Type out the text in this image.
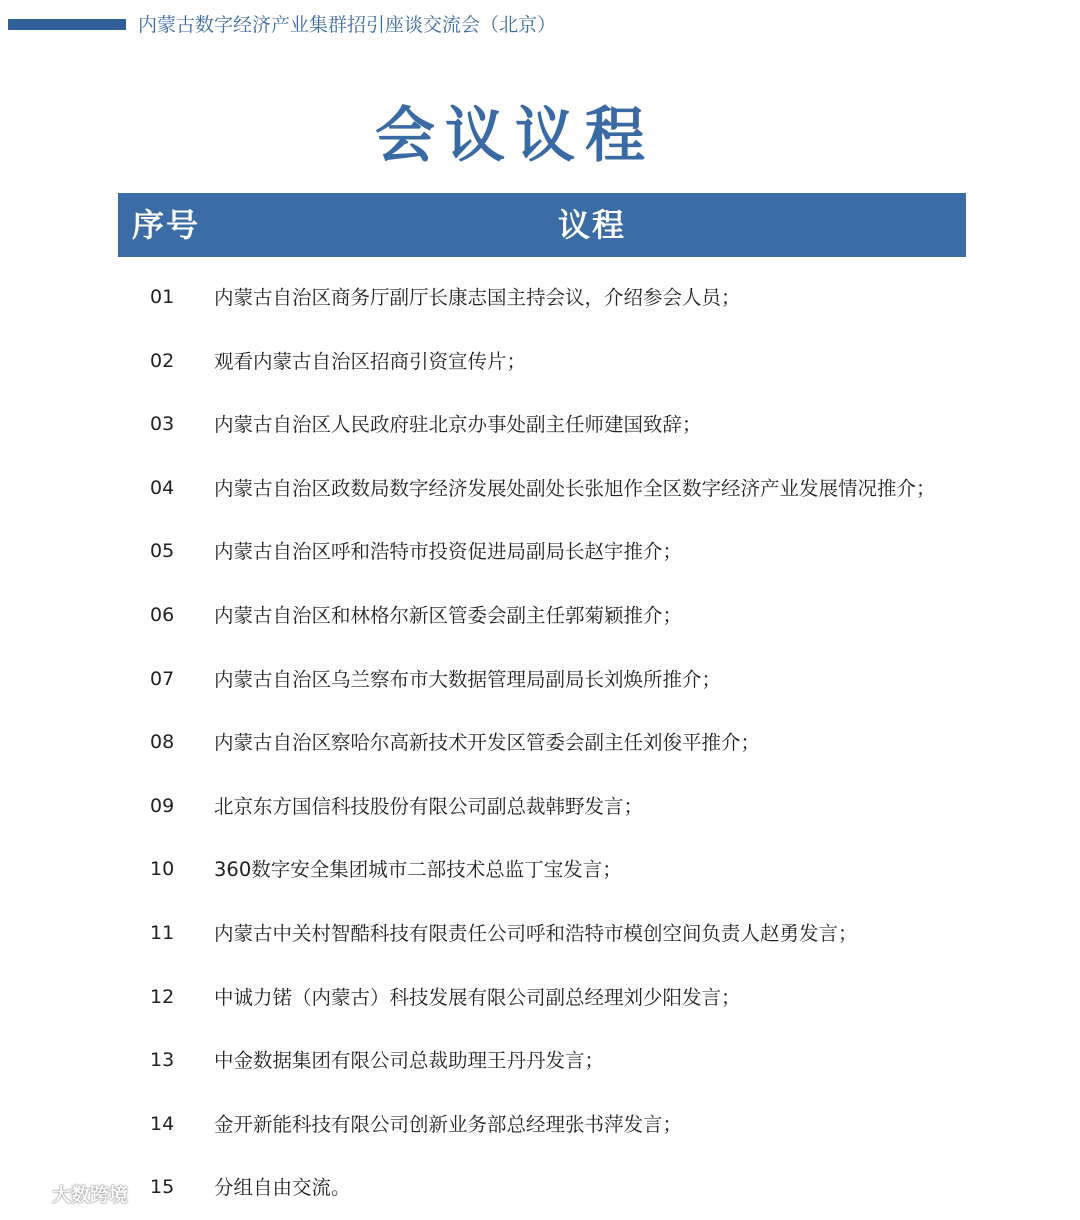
内蒙古数字经济产业集群招引座谈交流会（北京）
会议议程
序号	议程
01 内蒙古自治区商务厅副厅长康志国主持会议，介绍参会人员；
02 观看内蒙古自治区招商引资宣传片；
03 内蒙古自治区人民政府驻北京办事处副主任师建国致辞；
04 内蒙古自治区政数局数字经济发展处副处长张旭作全区数字经济产业发展情况推介；
05 内蒙古自治区呼和浩特市投资促进局副局长赵宇推介；
06 内蒙古自治区和林格尔新区管委会副主任郭菊颖推介；
07 内蒙古自治区乌兰察布市大数据管理局副局长刘焕所推介；
08 内蒙古自治区察哈尔高新技术开发区管委会副主任刘俊平推介；
09 北京东方国信科技股份有限公司副总裁韩野发言；
10 360数字安全集团城市二部技术总监丁宝发言；
11 内蒙古中关村智酷科技有限责任公司呼和浩特市模创空间负责人赵勇发言；
12 中诚力锘（内蒙古）科技发展有限公司副总经理刘少阳发言；
13 中金数据集团有限公司总裁助理王丹丹发言；
14 金开新能科技有限公司创新业务部总经理张书萍发言；
15 分组自由交流。
大数跨境
